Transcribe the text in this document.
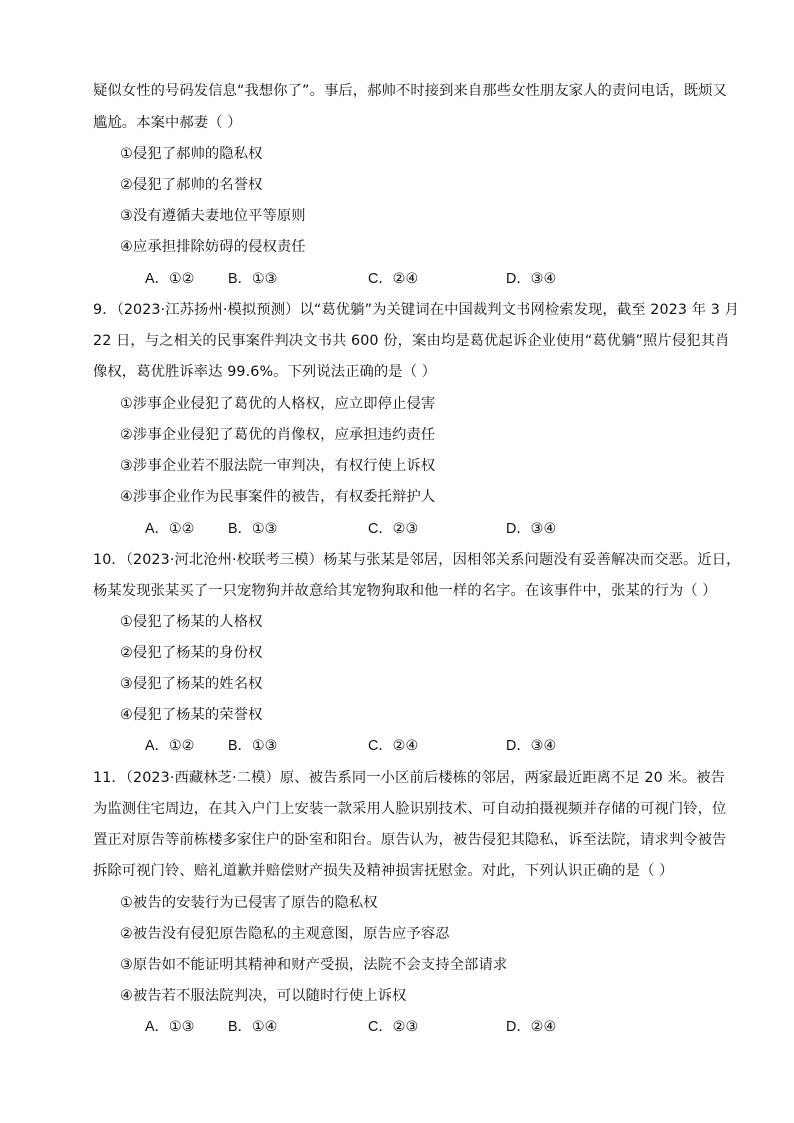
疑似女性的号码发信息“我想你了”。事后，郝帅不时接到来自那些女性朋友家人的责问电话，既烦又
尴尬。本案中郝妻（ ）
①侵犯了郝帅的隐私权
②侵犯了郝帅的名誉权
③没有遵循夫妻地位平等原则
④应承担排除妨碍的侵权责任
A．①② B．①③	C．②④	D．③④
9．（2023·江苏扬州·模拟预测）以“葛优躺”为关键词在中国裁判文书网检索发现，截至 2023 年 3 月
22 日，与之相关的民事案件判决文书共 600 份，案由均是葛优起诉企业使用“葛优躺”照片侵犯其肖
像权，葛优胜诉率达 99.6%。下列说法正确的是（ ）
①涉事企业侵犯了葛优的人格权，应立即停止侵害
②涉事企业侵犯了葛优的肖像权，应承担违约责任
③涉事企业若不服法院一审判决，有权行使上诉权
④涉事企业作为民事案件的被告，有权委托辩护人
A．①② B．①③	C．②③	D．③④
10．（2023·河北沧州·校联考三模）杨某与张某是邻居，因相邻关系问题没有妥善解决而交恶。近日，
杨某发现张某买了一只宠物狗并故意给其宠物狗取和他一样的名字。在该事件中，张某的行为（ ）
①侵犯了杨某的人格权
②侵犯了杨某的身份权
③侵犯了杨某的姓名权
④侵犯了杨某的荣誉权
A．①② B．①③	C．②④	D．③④
11．（2023·西藏林芝·二模）原、被告系同一小区前后楼栋的邻居，两家最近距离不足 20 米。被告
为监测住宅周边，在其入户门上安装一款采用人脸识别技术、可自动拍摄视频并存储的可视门铃，位
置正对原告等前栋楼多家住户的卧室和阳台。原告认为，被告侵犯其隐私，诉至法院，请求判令被告
拆除可视门铃、赔礼道歉并赔偿财产损失及精神损害抚慰金。对此，下列认识正确的是（ ）
①被告的安装行为已侵害了原告的隐私权
②被告没有侵犯原告隐私的主观意图，原告应予容忍
③原告如不能证明其精神和财产受损，法院不会支持全部请求
④被告若不服法院判决，可以随时行使上诉权
A．①③ B．①④	C．②③	D．②④
